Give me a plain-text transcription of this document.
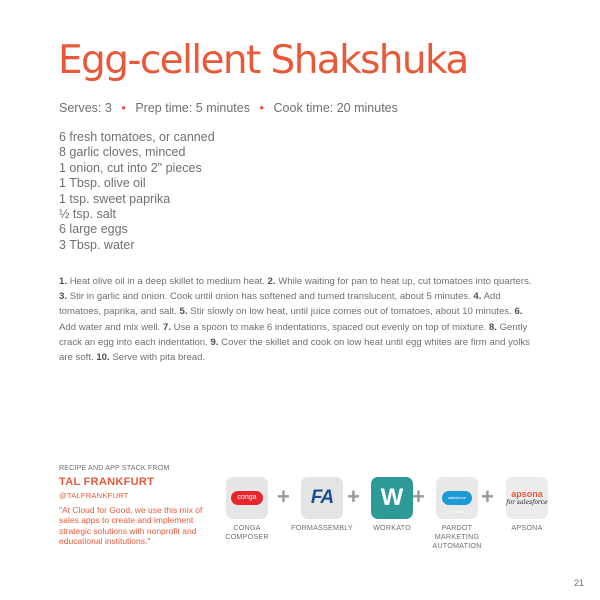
Egg-cellent Shakshuka
Serves: 3 • Prep time: 5 minutes • Cook time: 20 minutes
6 fresh tomatoes, or canned
8 garlic cloves, minced
1 onion, cut into 2" pieces
1 Tbsp. olive oil
1 tsp. sweet paprika
½ tsp. salt
6 large eggs
3 Tbsp. water

1. Heat olive oil in a deep skillet to medium heat. 2. While waiting for pan to heat up, cut tomatoes into quarters. 3. Stir in garlic and onion. Cook until onion has softened and turned translucent, about 5 minutes. 4. Add tomatoes, paprika, and salt. 5. Stir slowly on low heat, until juice comes out of tomatoes, about 10 minutes. 6. Add water and mix well. 7. Use a spoon to make 6 indentations, spaced out evenly on top of mixture. 8. Gently crack an egg into each indentation. 9. Cover the skillet and cook on low heat until egg whites are firm and yolks are soft. 10. Serve with pita bread.

RECIPE AND APP STACK FROM
TAL FRANKFURT
@TALFRANKFURT

"At Cloud for Good, we use this mix of sales apps to create and implement strategic solutions with nonprofit and educational institutions."

conga
CONGA COMPOSER
+ FA
FORMASSEMBLY
+ W
WORKATO
+	salesforce pardot
PARDOT MARKETING AUTOMATION
+ apsona
for salesforce
APSONA
21
